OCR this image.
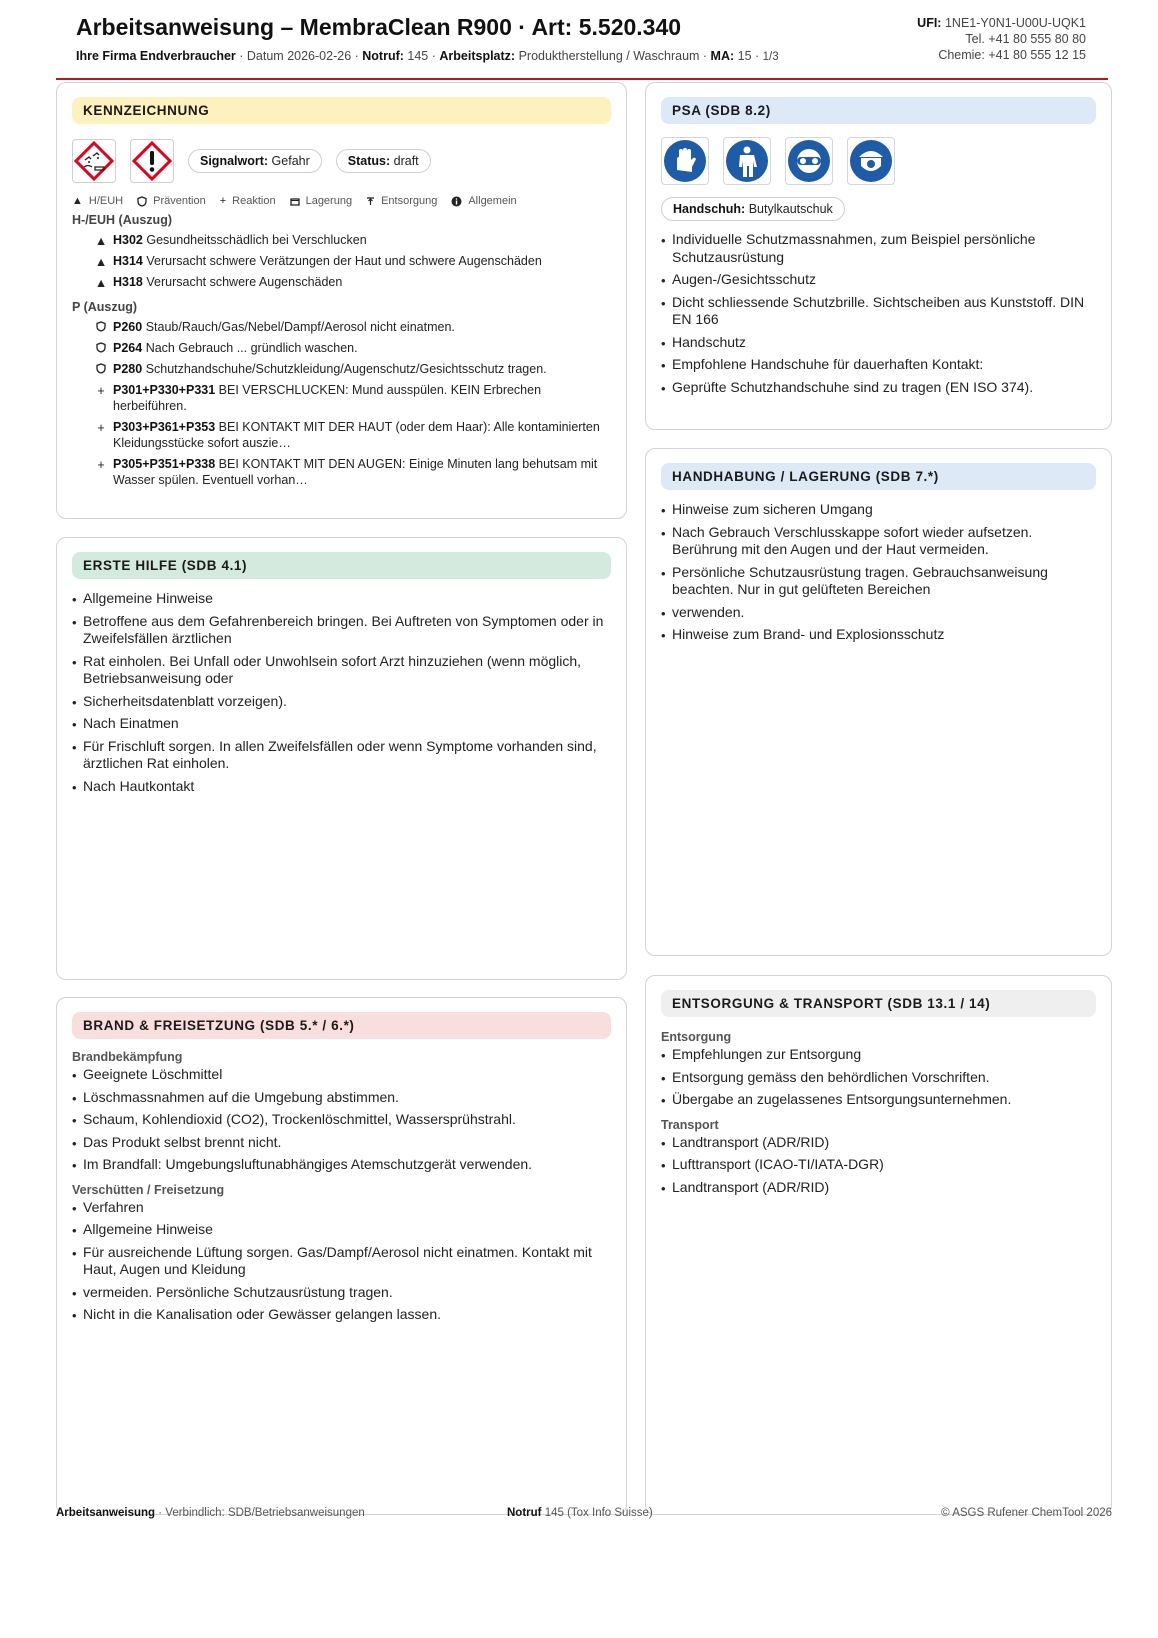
Arbeitsanweisung – MembraClean R900 · Art: 5.520.340
Ihre Firma Endverbraucher · Datum 2026-02-26 · Notruf: 145 · Arbeitsplatz: Produktherstellung / Waschraum · MA: 15 · 1/3
UFI: 1NE1-Y0N1-U00U-UQK1
Tel. +41 80 555 80 80
Chemie: +41 80 555 12 15
KENNZEICHNUNG
Signalwort: Gefahr	Status: draft
▲ H/EUH	Prävention + Reaktion	Lagerung	Entsorgung	Allgemein
H-/EUH (Auszug)
▲ H302 Gesundheitsschädlich bei Verschlucken
▲ H314 Verursacht schwere Verätzungen der Haut und schwere Augenschäden
▲ H318 Verursacht schwere Augenschäden
P (Auszug)
P260 Staub/Rauch/Gas/Nebel/Dampf/Aerosol nicht einatmen.
P264 Nach Gebrauch ... gründlich waschen.
P280 Schutzhandschuhe/Schutzkleidung/Augenschutz/Gesichtsschutz tragen.
+ P301+P330+P331 BEI VERSCHLUCKEN: Mund ausspülen. KEIN Erbrechen herbeiführen.
+ P303+P361+P353 BEI KONTAKT MIT DER HAUT (oder dem Haar): Alle kontaminierten Kleidungsstücke sofort auszie…
+ P305+P351+P338 BEI KONTAKT MIT DEN AUGEN: Einige Minuten lang behutsam mit Wasser spülen. Eventuell vorhan…
ERSTE HILFE (SDB 4.1)
• Allgemeine Hinweise
• Betroffene aus dem Gefahrenbereich bringen. Bei Auftreten von Symptomen oder in Zweifelsfällen ärztlichen
• Rat einholen. Bei Unfall oder Unwohlsein sofort Arzt hinzuziehen (wenn möglich, Betriebsanweisung oder
• Sicherheitsdatenblatt vorzeigen).
• Nach Einatmen
• Für Frischluft sorgen. In allen Zweifelsfällen oder wenn Symptome vorhanden sind, ärztlichen Rat einholen.
• Nach Hautkontakt
BRAND & FREISETZUNG (SDB 5.* / 6.*)
Brandbekämpfung
• Geeignete Löschmittel
• Löschmassnahmen auf die Umgebung abstimmen.
• Schaum, Kohlendioxid (CO2), Trockenlöschmittel, Wassersprühstrahl.
• Das Produkt selbst brennt nicht.
• Im Brandfall: Umgebungsluftunabhängiges Atemschutzgerät verwenden.
Verschütten / Freisetzung
• Verfahren
• Allgemeine Hinweise
• Für ausreichende Lüftung sorgen. Gas/Dampf/Aerosol nicht einatmen. Kontakt mit Haut, Augen und Kleidung
• vermeiden. Persönliche Schutzausrüstung tragen.
• Nicht in die Kanalisation oder Gewässer gelangen lassen.
PSA (SDB 8.2)
Handschuh: Butylkautschuk
• Individuelle Schutzmassnahmen, zum Beispiel persönliche Schutzausrüstung
• Augen-/Gesichtsschutz
• Dicht schliessende Schutzbrille. Sichtscheiben aus Kunststoff. DIN EN 166
• Handschutz
• Empfohlene Handschuhe für dauerhaften Kontakt:
• Geprüfte Schutzhandschuhe sind zu tragen (EN ISO 374).
HANDHABUNG / LAGERUNG (SDB 7.*)
• Hinweise zum sicheren Umgang
• Nach Gebrauch Verschlusskappe sofort wieder aufsetzen. Berührung mit den Augen und der Haut vermeiden.
• Persönliche Schutzausrüstung tragen. Gebrauchsanweisung beachten. Nur in gut gelüfteten Bereichen
• verwenden.
• Hinweise zum Brand- und Explosionsschutz
ENTSORGUNG & TRANSPORT (SDB 13.1 / 14)
Entsorgung
• Empfehlungen zur Entsorgung
• Entsorgung gemäss den behördlichen Vorschriften.
• Übergabe an zugelassenes Entsorgungsunternehmen.
Transport
• Landtransport (ADR/RID)
• Lufttransport (ICAO-TI/IATA-DGR)
• Landtransport (ADR/RID)
Arbeitsanweisung · Verbindlich: SDB/Betriebsanweisungen	Notruf 145 (Tox Info Suisse)	© ASGS Rufener ChemTool 2026
